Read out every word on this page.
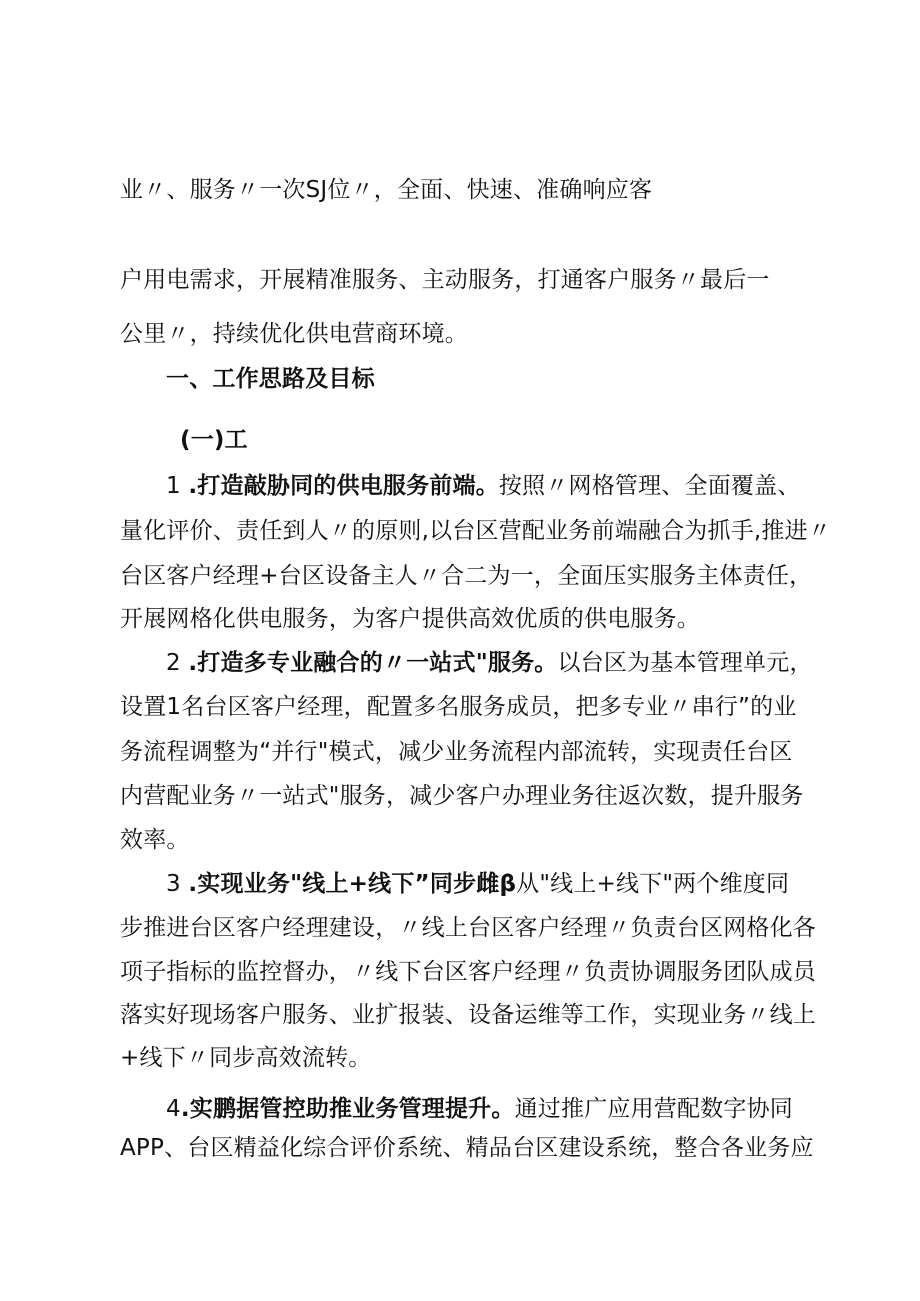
业〃、服务〃一次SJ位〃，全面、快速、准确响应客
户用电需求，开展精准服务、主动服务，打通客户服务〃最后一
公里〃，持续优化供电营商环境。
一、工作思路及目标
(一)工
1 .打造敲胁同的供电服务前端。按照〃网格管理、全面覆盖、
量化评价、责任到人〃的原则,以台区营配业务前端融合为抓手,推进〃
台区客户经理+台区设备主人〃合二为一，全面压实服务主体责任，
开展网格化供电服务，为客户提供高效优质的供电服务。
2 .打造多专业融合的〃一站式"服务。以台区为基本管理单元，
设置1名台区客户经理，配置多名服务成员，把多专业〃串行”的业
务流程调整为“并行"模式，减少业务流程内部流转，实现责任台区
内营配业务〃一站式"服务，减少客户办理业务往返次数，提升服务
效率。
3 .实现业务"线上+线下”同步雌β从"线上+线下"两个维度同
步推进台区客户经理建设，〃线上台区客户经理〃负责台区网格化各
项子指标的监控督办，〃线下台区客户经理〃负责协调服务团队成员
落实好现场客户服务、业扩报装、设备运维等工作，实现业务〃线上
+线下〃同步高效流转。
4.实鹏据管控助推业务管理提升。通过推广应用营配数字协同
APP、台区精益化综合评价系统、精品台区建设系统，整合各业务应
